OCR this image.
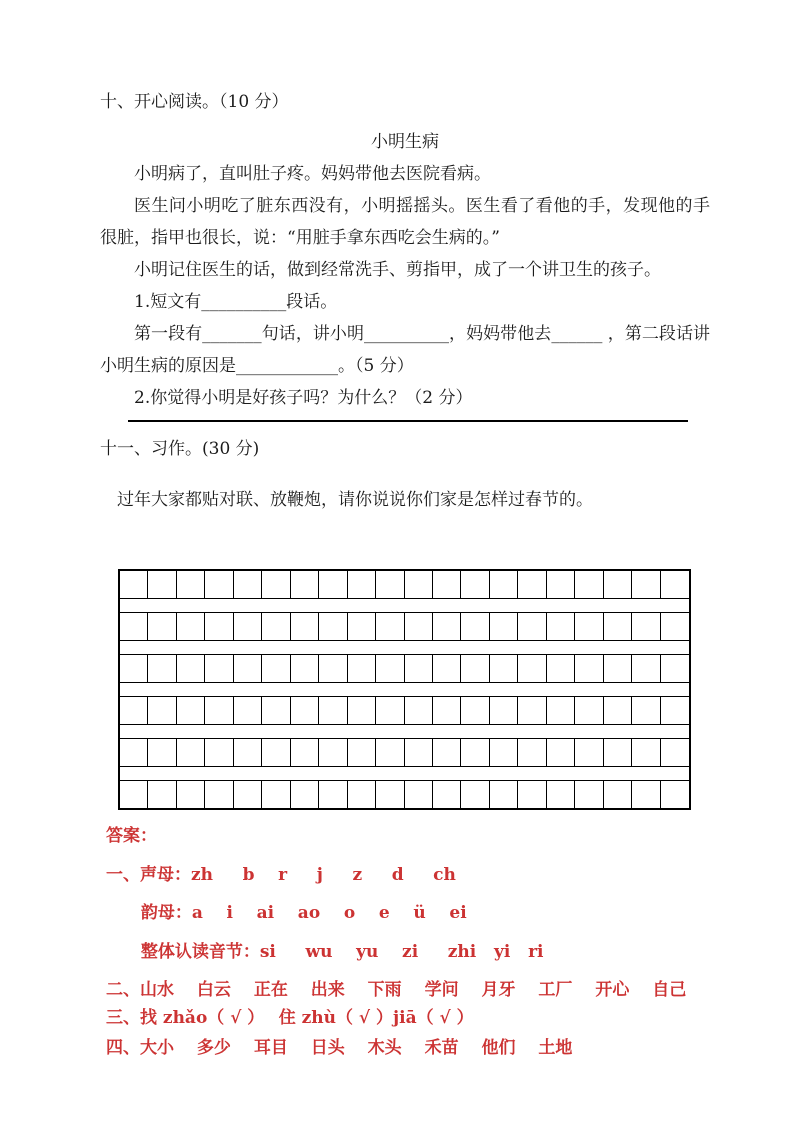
十、开心阅读。（10 分）
小明生病
小明病了，直叫肚子疼。妈妈带他去医院看病。
医生问小明吃了脏东西没有，小明摇摇头。医生看了看他的手，发现他的手很脏，指甲也很长，说：“用脏手拿东西吃会生病的。”
小明记住医生的话，做到经常洗手、剪指甲，成了一个讲卫生的孩子。
1.短文有__________段话。
第一段有_______句话，讲小明__________，妈妈带他去______ ，第二段话讲小明生病的原因是____________。（5 分）
2.你觉得小明是好孩子吗？为什么？（2 分）
十一、习作。(30 分)
过年大家都贴对联、放鞭炮，请你说说你们家是怎样过春节的。
答案：
一、声母：zh     b    r     j     z     d     ch
韵母：a    i    ai    ao    o    e    ü    ei
整体认读音节：si     wu    yu    zi     zhi   yi   ri
二、山水　 白云　 正在　 出来　 下雨　 学问　 月牙　 工厂　 开心　 自己
三、找 zhǎo（ √ ）　 住 zhù（ √ ）jiā（ √ ）
四、大小　 多少　 耳目　 日头　 木头　 禾苗　 他们　 土地
